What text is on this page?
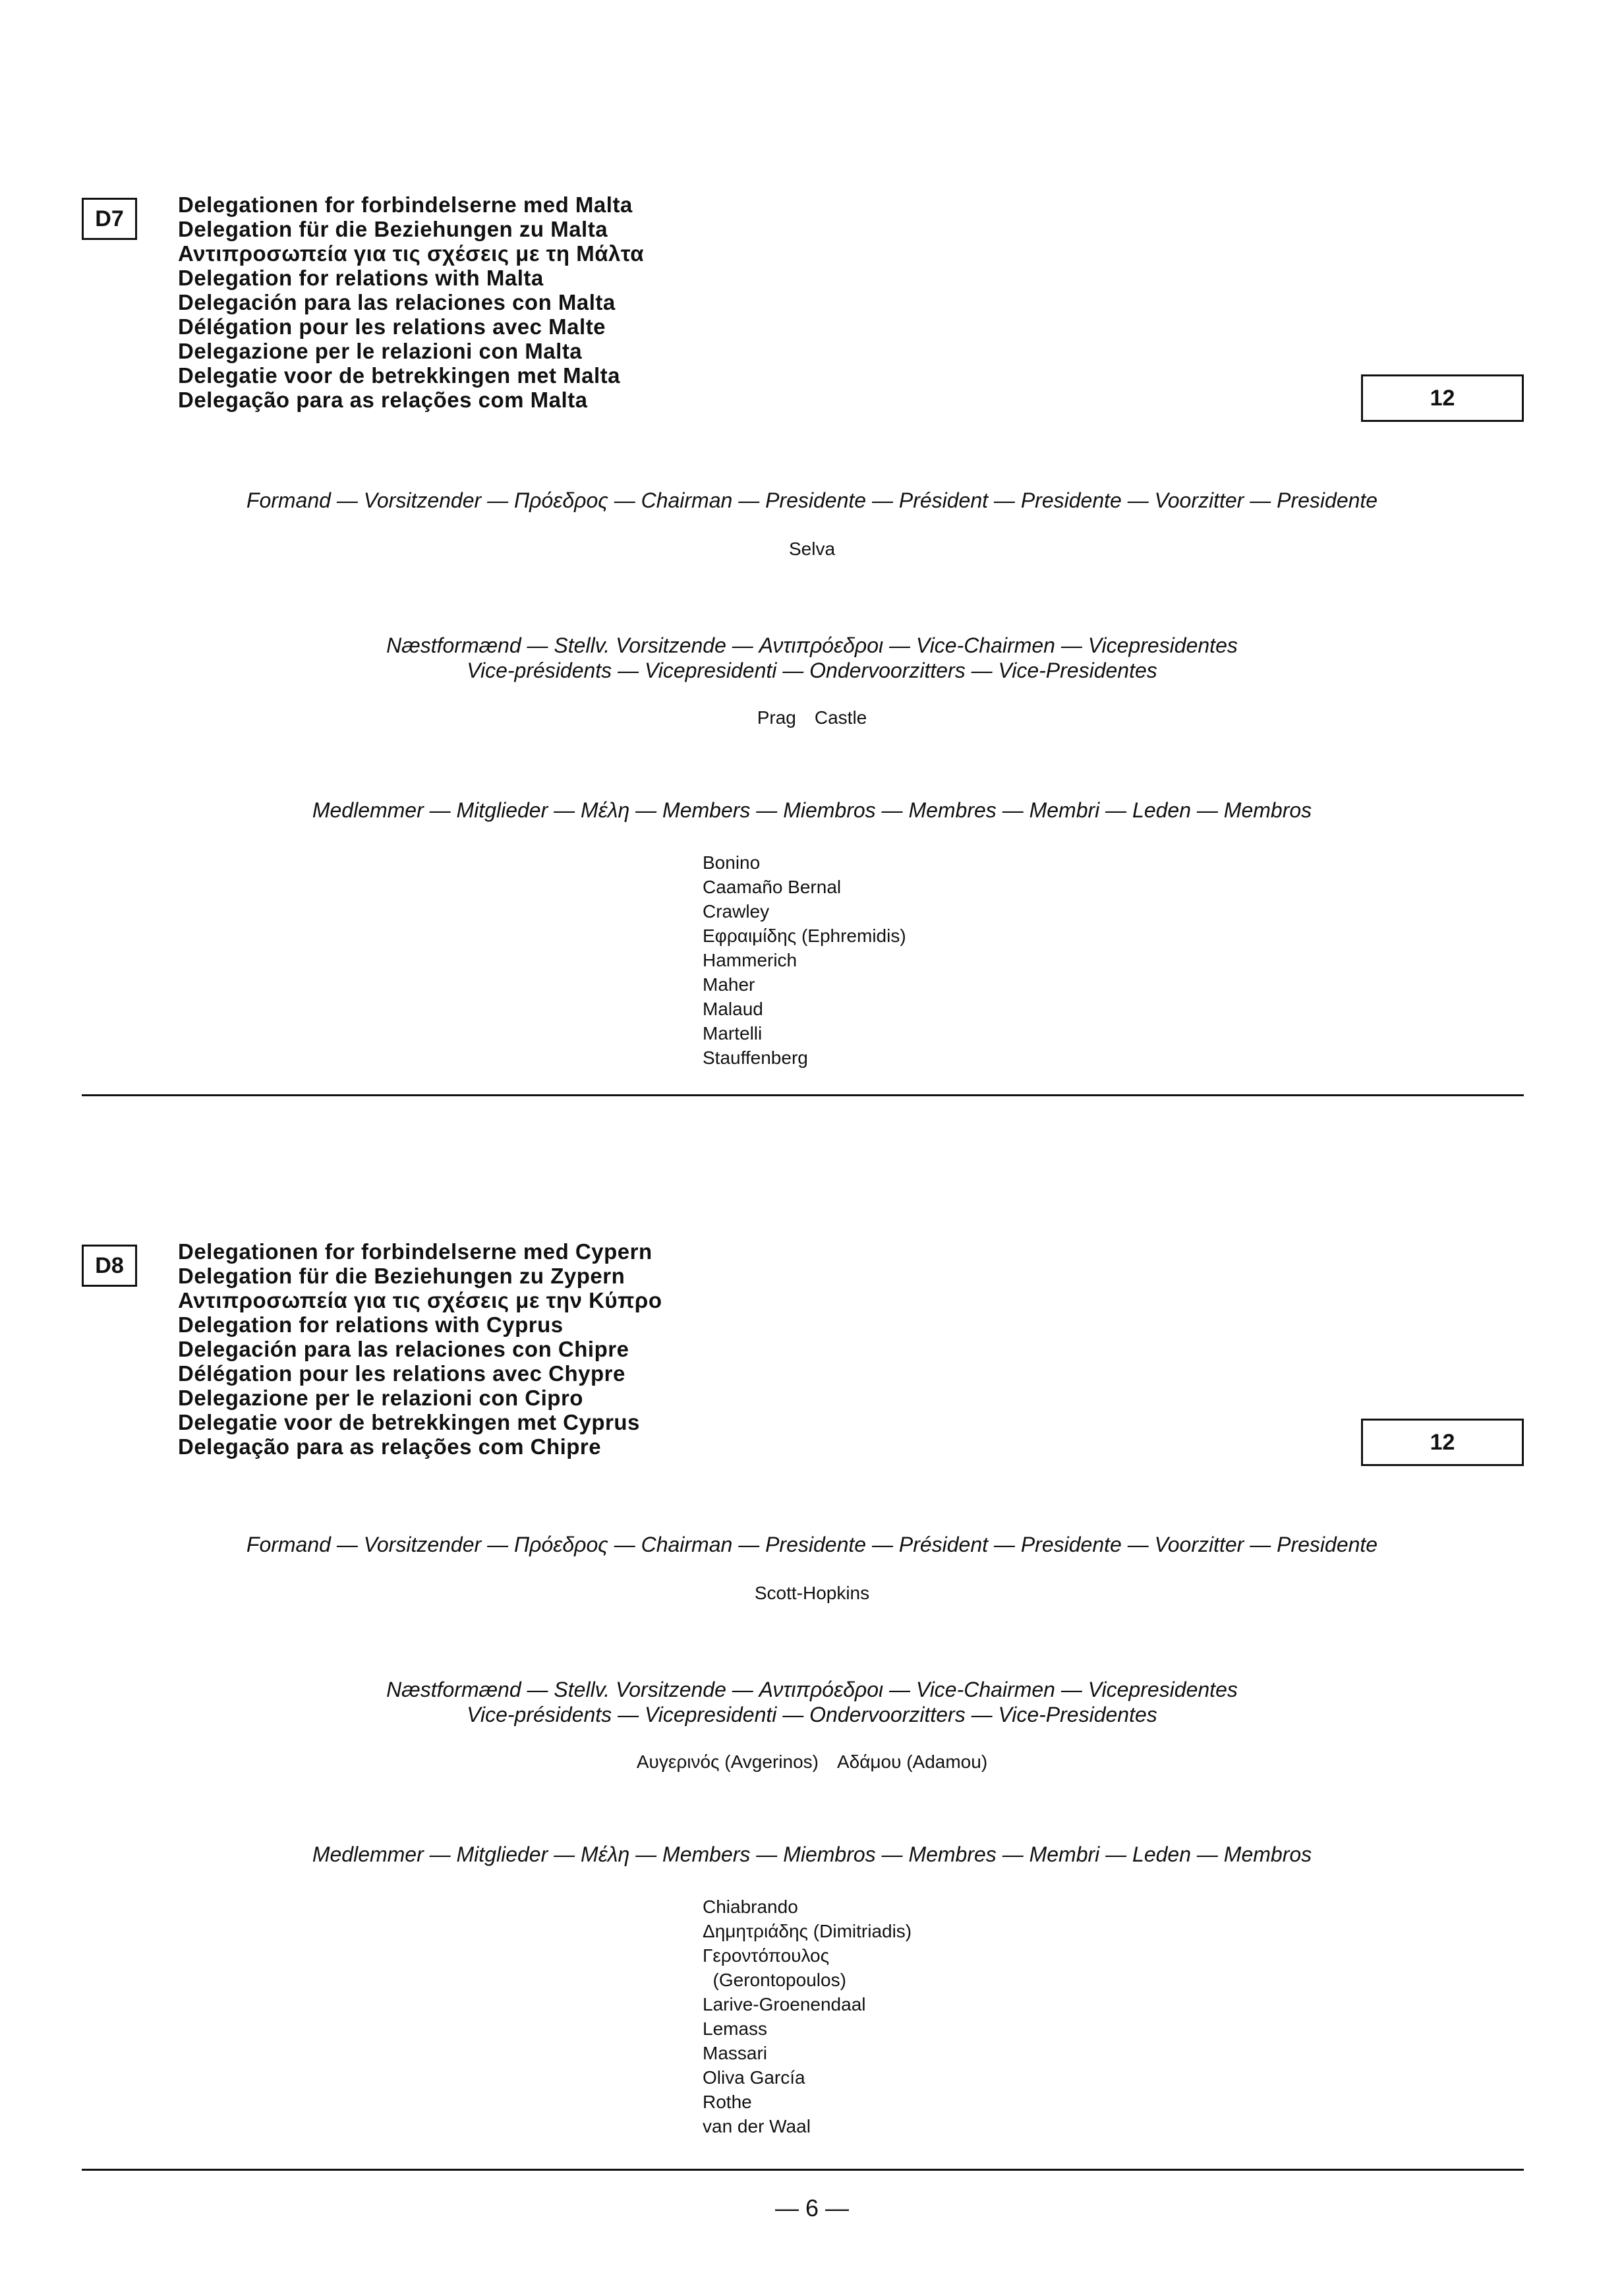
D7
Delegationen for forbindelserne med Malta
Delegation für die Beziehungen zu Malta
Αντιπροσωπεία για τις σχέσεις με τη Μάλτα
Delegation for relations with Malta
Delegación para las relaciones con Malta
Délégation pour les relations avec Malte
Delegazione per le relazioni con Malta
Delegatie voor de betrekkingen met Malta
Delegação para as relações com Malta	12
Formand — Vorsitzender — Πρόεδρος — Chairman — Presidente — Président — Presidente — Voorzitter — Presidente
Selva
Næstformænd — Stellv. Vorsitzende — Αντιπρόεδροι — Vice-Chairmen — Vicepresidentes
Vice-présidents — Vicepresidenti — Ondervoorzitters — Vice-Presidentes
Prag Castle
Medlemmer — Mitglieder — Μέλη — Members — Miembros — Membres — Membri — Leden — Membros
Bonino
Caamaño Bernal
Crawley
Εφραιμίδης (Ephremidis)
Hammerich
Maher
Malaud
Martelli
Stauffenberg
D8
Delegationen for forbindelserne med Cypern
Delegation für die Beziehungen zu Zypern
Αντιπροσωπεία για τις σχέσεις με την Κύπρο
Delegation for relations with Cyprus
Delegación para las relaciones con Chipre
Délégation pour les relations avec Chypre
Delegazione per le relazioni con Cipro
Delegatie voor de betrekkingen met Cyprus
Delegação para as relações com Chipre	12
Formand — Vorsitzender — Πρόεδρος — Chairman — Presidente — Président — Presidente — Voorzitter — Presidente
Scott-Hopkins
Næstformænd — Stellv. Vorsitzende — Αντιπρόεδροι — Vice-Chairmen — Vicepresidentes
Vice-présidents — Vicepresidenti — Ondervoorzitters — Vice-Presidentes
Αυγερινός (Avgerinos) Αδάμου (Adamou)
Medlemmer — Mitglieder — Μέλη — Members — Miembros — Membres — Membri — Leden — Membros
Chiabrando
Δημητριάδης (Dimitriadis)
Γεροντόπουλος
(Gerontopoulos)
Larive-Groenendaal
Lemass
Massari
Oliva García
Rothe
van der Waal
— 6 —
